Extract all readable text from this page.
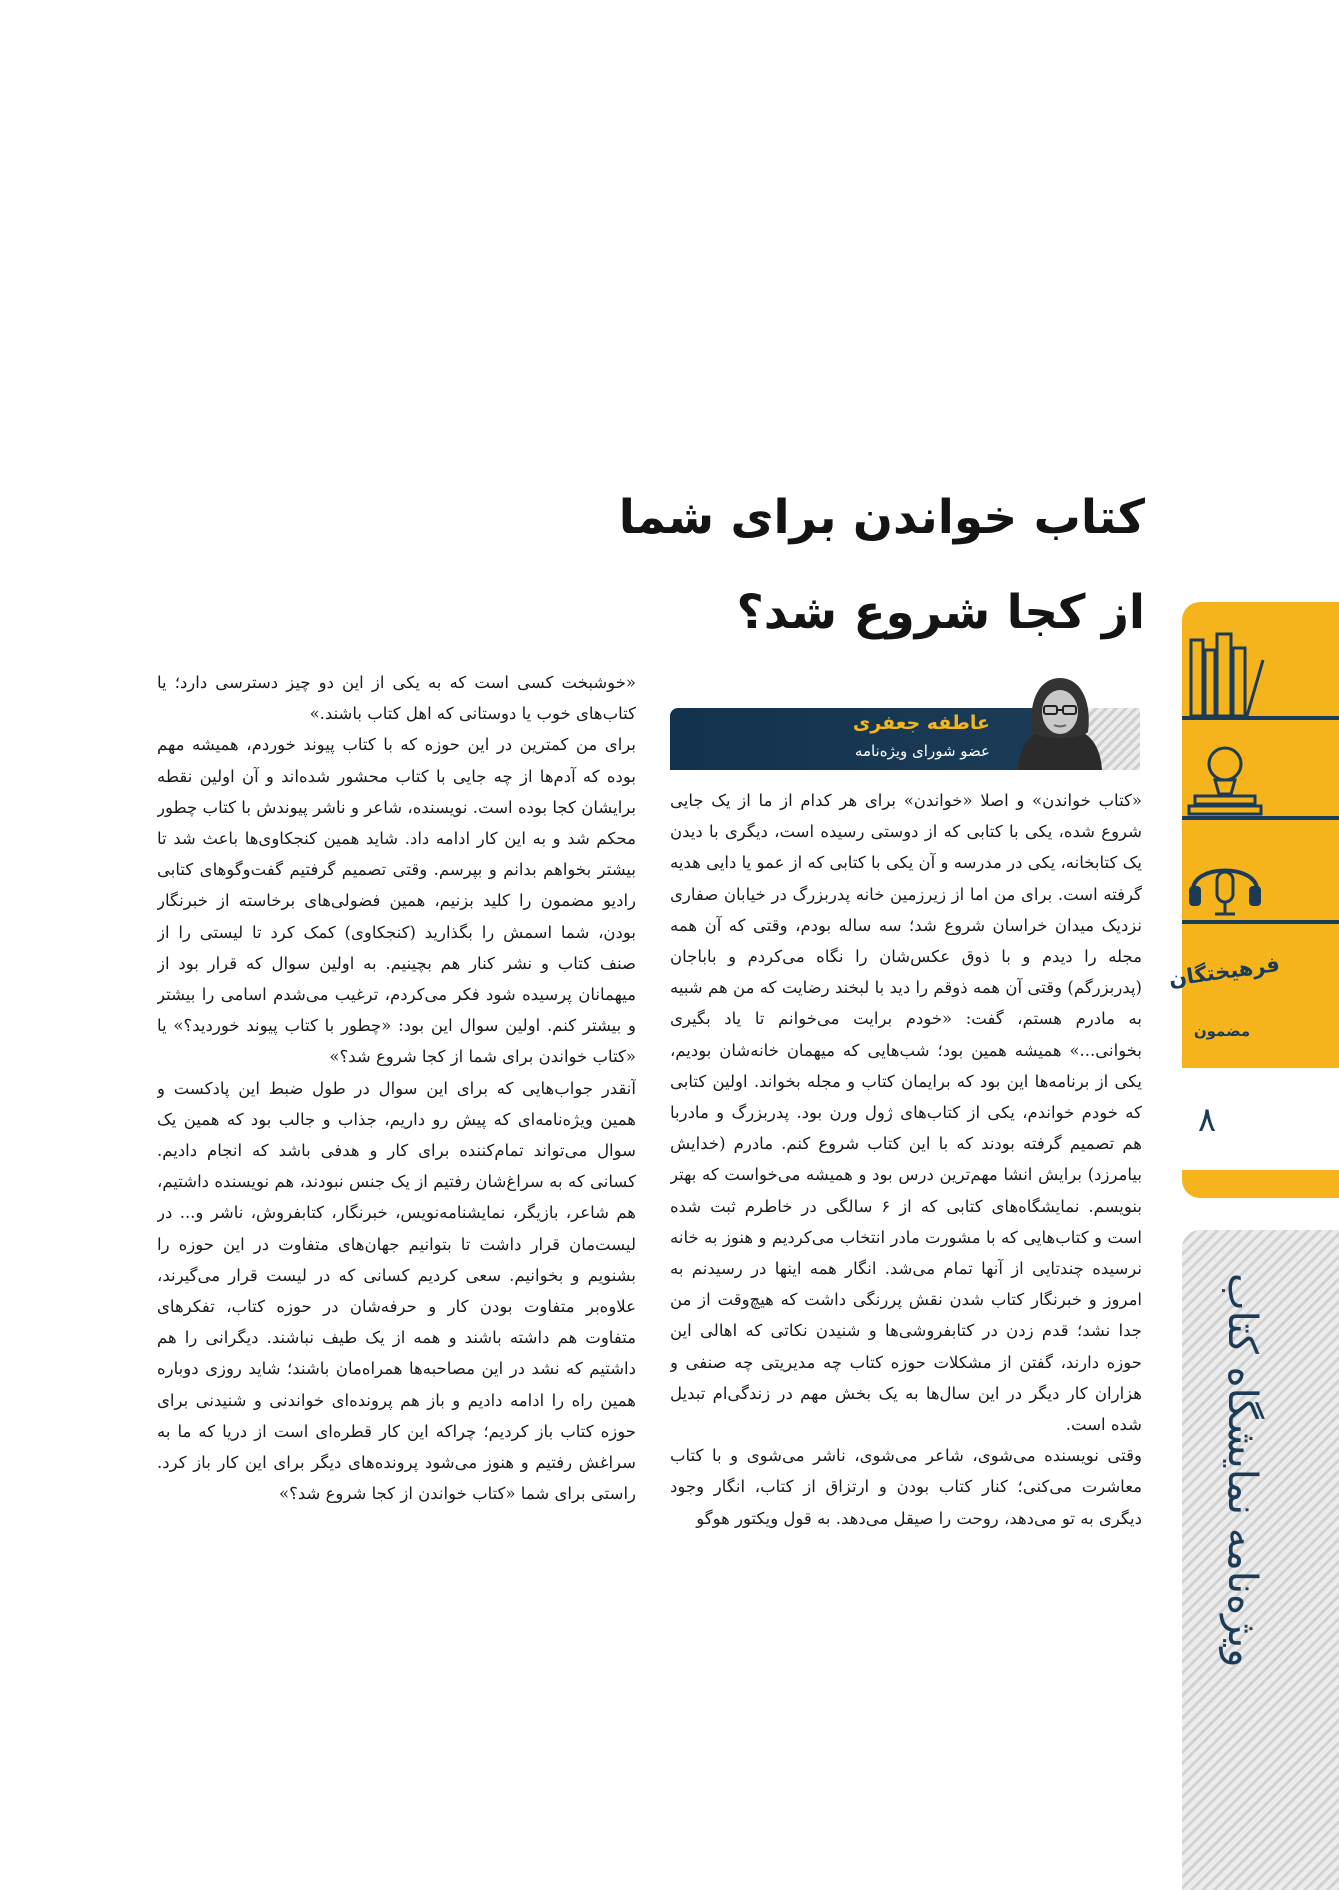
کتاب خواندن برای شما
از کجا شروع شد؟

عاطفه جعفری

عضو شورای ویژه‌نامه

«کتاب خواندن» و اصلا «خواندن» برای هر کدام از ما از یک جایی شروع شده، یکی با کتابی که از دوستی رسیده است، دیگری با دیدن یک کتابخانه، یکی در مدرسه و آن یکی با کتابی که از عمو یا دایی هدیه گرفته است. برای من اما از زیرزمین خانه پدربزرگ در خیابان صفاری نزدیک میدان خراسان شروع شد؛ سه ساله بودم، وقتی که آن همه مجله را دیدم و با ذوق عکس‌شان را نگاه می‌کردم و باباجان (پدربزرگم) وقتی آن همه ذوقم را دید با لبخند رضایت که من هم شبیه به مادرم هستم، گفت: «خودم برایت می‌خوانم تا یاد بگیری بخوانی...» همیشه همین بود؛ شب‌هایی که میهمان خانه‌شان بودیم، یکی از برنامه‌ها این بود که برایمان کتاب و مجله بخواند. اولین کتابی که خودم خواندم، یکی از کتاب‌های ژول ورن بود. پدربزرگ و مادربا هم تصمیم گرفته بودند که با این کتاب شروع کنم. مادرم (خدایش بیامرزد) برایش انشا مهم‌ترین درس بود و همیشه می‌خواست که بهتر بنویسم. نمایشگاه‌های کتابی که از ۶ سالگی در خاطرم ثبت شده است و کتاب‌هایی که با مشورت مادر انتخاب می‌کردیم و هنوز به خانه نرسیده چندتایی از آنها تمام می‌شد. انگار همه اینها در رسیدنم به امروز و خبرنگار کتاب شدن نقش پررنگی داشت که هیچ‌وقت از من جدا نشد؛ قدم زدن در کتابفروشی‌ها و شنیدن نکاتی که اهالی این حوزه دارند، گفتن از مشکلات حوزه کتاب چه مدیریتی چه صنفی و هزاران کار دیگر در این سال‌ها به یک بخش مهم در زندگی‌ام تبدیل شده است.

وقتی نویسنده می‌شوی، شاعر می‌شوی، ناشر می‌شوی و با کتاب معاشرت می‌کنی؛ کنار کتاب بودن و ارتزاق از کتاب، انگار وجود دیگری به تو می‌دهد، روحت را صیقل می‌دهد. به قول ویکتور هوگو

«خوشبخت کسی است که به یکی از این دو چیز دسترسی دارد؛ یا کتاب‌های خوب یا دوستانی که اهل کتاب باشند.»

برای من کمترین در این حوزه که با کتاب پیوند خوردم، همیشه مهم بوده که آدم‌ها از چه جایی با کتاب محشور شده‌اند و آن اولین نقطه برایشان کجا بوده است. نویسنده، شاعر و ناشر پیوندش با کتاب چطور محکم شد و به این کار ادامه داد. شاید همین کنجکاوی‌ها باعث شد تا بیشتر بخواهم بدانم و بپرسم. وقتی تصمیم گرفتیم گفت‌وگوهای کتابی رادیو مضمون را کلید بزنیم، همین فضولی‌های برخاسته از خبرنگار بودن، شما اسمش را بگذارید (کنجکاوی) کمک کرد تا لیستی را از صنف کتاب و نشر کنار هم بچینیم. به اولین سوال که قرار بود از میهمانان پرسیده شود فکر می‌کردم، ترغیب می‌شدم اسامی را بیشتر و بیشتر کنم. اولین سوال این بود: «چطور با کتاب پیوند خوردید؟» یا «کتاب خواندن برای شما از کجا شروع شد؟»

آنقدر جواب‌هایی که برای این سوال در طول ضبط این پادکست و همین ویژه‌نامه‌ای که پیش رو داریم، جذاب و جالب بود که همین یک سوال می‌تواند تمام‌کننده برای کار و هدفی باشد که انجام دادیم. کسانی که به سراغ‌شان رفتیم از یک جنس نبودند، هم نویسنده داشتیم، هم شاعر، بازیگر، نمایشنامه‌نویس، خبرنگار، کتابفروش، ناشر و... در لیست‌مان قرار داشت تا بتوانیم جهان‌های متفاوت در این حوزه را بشنویم و بخوانیم. سعی کردیم کسانی که در لیست قرار می‌گیرند، علاوه‌بر متفاوت بودن کار و حرفه‌شان در حوزه کتاب، تفکرهای متفاوت هم داشته باشند و همه از یک طیف نباشند. دیگرانی را هم داشتیم که نشد در این مصاحبه‌ها همراه‌مان باشند؛ شاید روزی دوباره همین راه را ادامه دادیم و باز هم پرونده‌ای خواندنی و شنیدنی برای حوزه کتاب باز کردیم؛ چراکه این کار قطره‌ای است از دریا که ما به سراغش رفتیم و هنوز می‌شود پرونده‌های دیگر برای این کار باز کرد. راستی برای شما «کتاب خواندن از کجا شروع شد؟»

فرهیختگان

مضمون

۸

ویژه‌نامه نمایشگاه کتاب
